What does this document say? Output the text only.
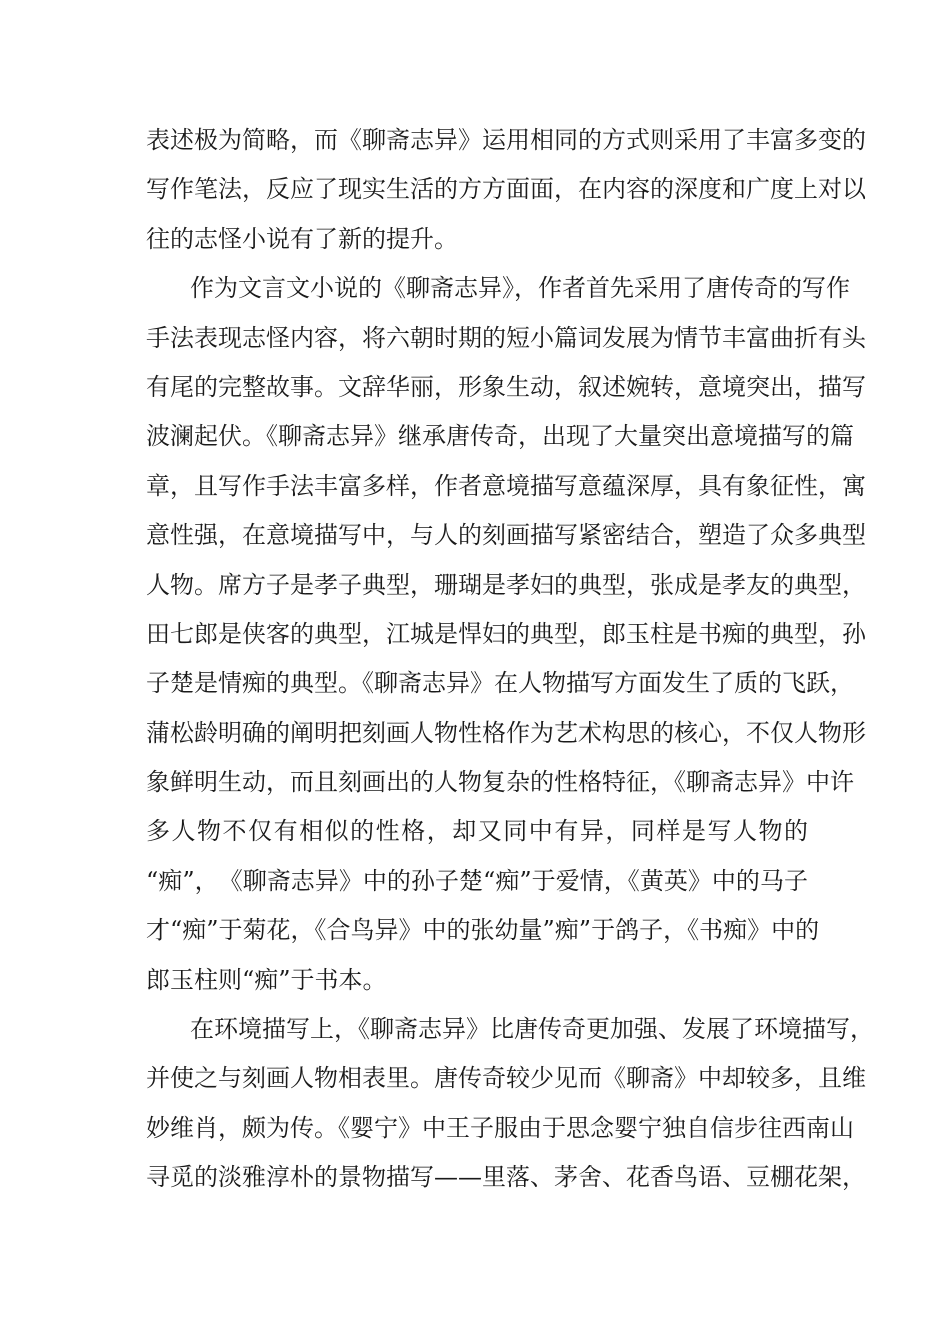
表述极为简略，而《聊斋志异》运用相同的方式则采用了丰富多变的
写作笔法，反应了现实生活的方方面面，在内容的深度和广度上对以
往的志怪小说有了新的提升。
作为文言文小说的《聊斋志异》，作者首先采用了唐传奇的写作
手法表现志怪内容，将六朝时期的短小篇词发展为情节丰富曲折有头
有尾的完整故事。文辞华丽，形象生动，叙述婉转，意境突出，描写
波澜起伏。《聊斋志异》继承唐传奇，出现了大量突出意境描写的篇
章，且写作手法丰富多样，作者意境描写意蕴深厚，具有象征性，寓
意性强，在意境描写中，与人的刻画描写紧密结合，塑造了众多典型
人物。席方子是孝子典型，珊瑚是孝妇的典型，张成是孝友的典型，
田七郎是侠客的典型，江城是悍妇的典型，郎玉柱是书痴的典型，孙
子楚是情痴的典型。《聊斋志异》在人物描写方面发生了质的飞跃，
蒲松龄明确的阐明把刻画人物性格作为艺术构思的核心，不仅人物形
象鲜明生动，而且刻画出的人物复杂的性格特征，《聊斋志异》中许
多人物不仅有相似的性格，却又同中有异，同样是写人物的
“痴”，　《聊斋志异》中的孙子楚“痴”于爱情，《黄英》中的马子
才“痴”于菊花，《合鸟异》中的张幼量”痴”于鸽子，《书痴》中的
郎玉柱则“痴”于书本。
在环境描写上，《聊斋志异》比唐传奇更加强、发展了环境描写，
并使之与刻画人物相表里。唐传奇较少见而《聊斋》中却较多，且维
妙维肖，颇为传。《婴宁》中王子服由于思念婴宁独自信步往西南山
寻觅的淡雅淳朴的景物描写——里落、茅舍、花香鸟语、豆棚花架，
